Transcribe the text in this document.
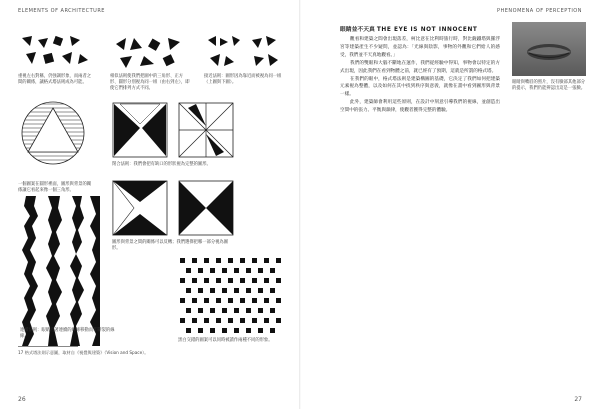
ELEMENTS OF ARCHITECTURE
重視左右對稱，仍強調形象，而兩者之間的關係，讓格式塔法則成為可能。
相似法則使我們把圖中的三角形、正方形、圓形分別視為同一組（由右到左），即使它們排列方式不同。
接近法則：圖形因為靠近而被視為同一組（上圖與下圖）。
一個圖案在圓形裡面，圖形與背景的關係讓它看起來像一個三角形。
閉合法則：我們會把有缺口的形狀視為完整的圖形。
圖形與背景之間的關係可以反轉；我們選擇把哪一部分視為圖形。
連續法則：眼睛沿著連續的線條移動而非斷裂的線條。
黑白交錯的圖案可以同時被讀作兩種不同的形象。
17 格式塔法則示意圖，取材自《視覺與建築》（Vision and Space）。
26
PHENOMENA OF PERCEPTION
眼睛並不天真 THE EYE IS NOT INNOCENT
眼睛與嘴唇的照片，沒有臉部其他部分的提示，我們仍能辨認出這是一張臉。

觀看和建築之間會出現落差，柯比意在比利時旅行時，對比薩鐵塔與羅浮宮等建築產生不少疑問，並認為：「光線與陰影，事物的外觀和它們給人的感受，我們並不天真地觀看。」

我們的雙眼和大腦不斷地在運作，我們從經驗中得知，事物會以特定的方式出現，因此我們在看到物體之前，就已經有了預期，這就是所謂的格式塔。

在我們的眼中，格式塔法則是建築構圖的基礎，它決定了我們如何把建築元素視為整體，以及如何在其中找到秩序與意義，就像在畫中看到圖形與背景一樣。

此外，建築師會利用這些原則，在設計中刻意引導我們的視線，並創造出空間中的張力、平衡與韻律，使觀者獲得完整的體驗。

27
